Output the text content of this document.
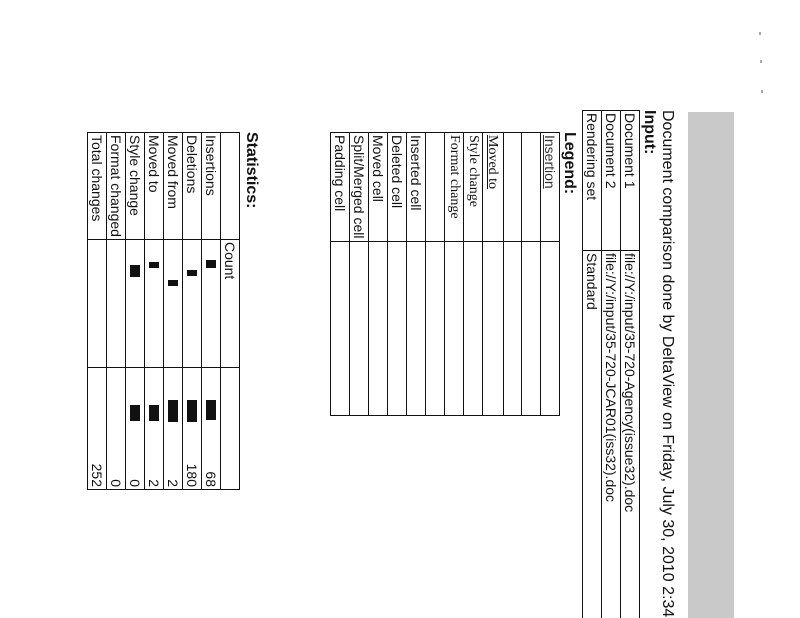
Document comparison done by DeltaView on Friday, July 30, 2010 2:34
Input:
Document 1	file://Y:/input/35-720-Agency(issue32).doc
Document 2	file://Y:/input/35-720-JCAR01(iss32).doc
Rendering set	Standard
Legend:
Insertion	

Moved to	
Style change	
Format change	

Inserted cell	
Deleted cell	
Moved cell	
Split/Merged cell	
Padding cell	
Statistics:
	Count	
Insertions		68
Deletions		180
Moved from		2
Moved to		2
Style change		0
Format changed		0
Total changes		252
